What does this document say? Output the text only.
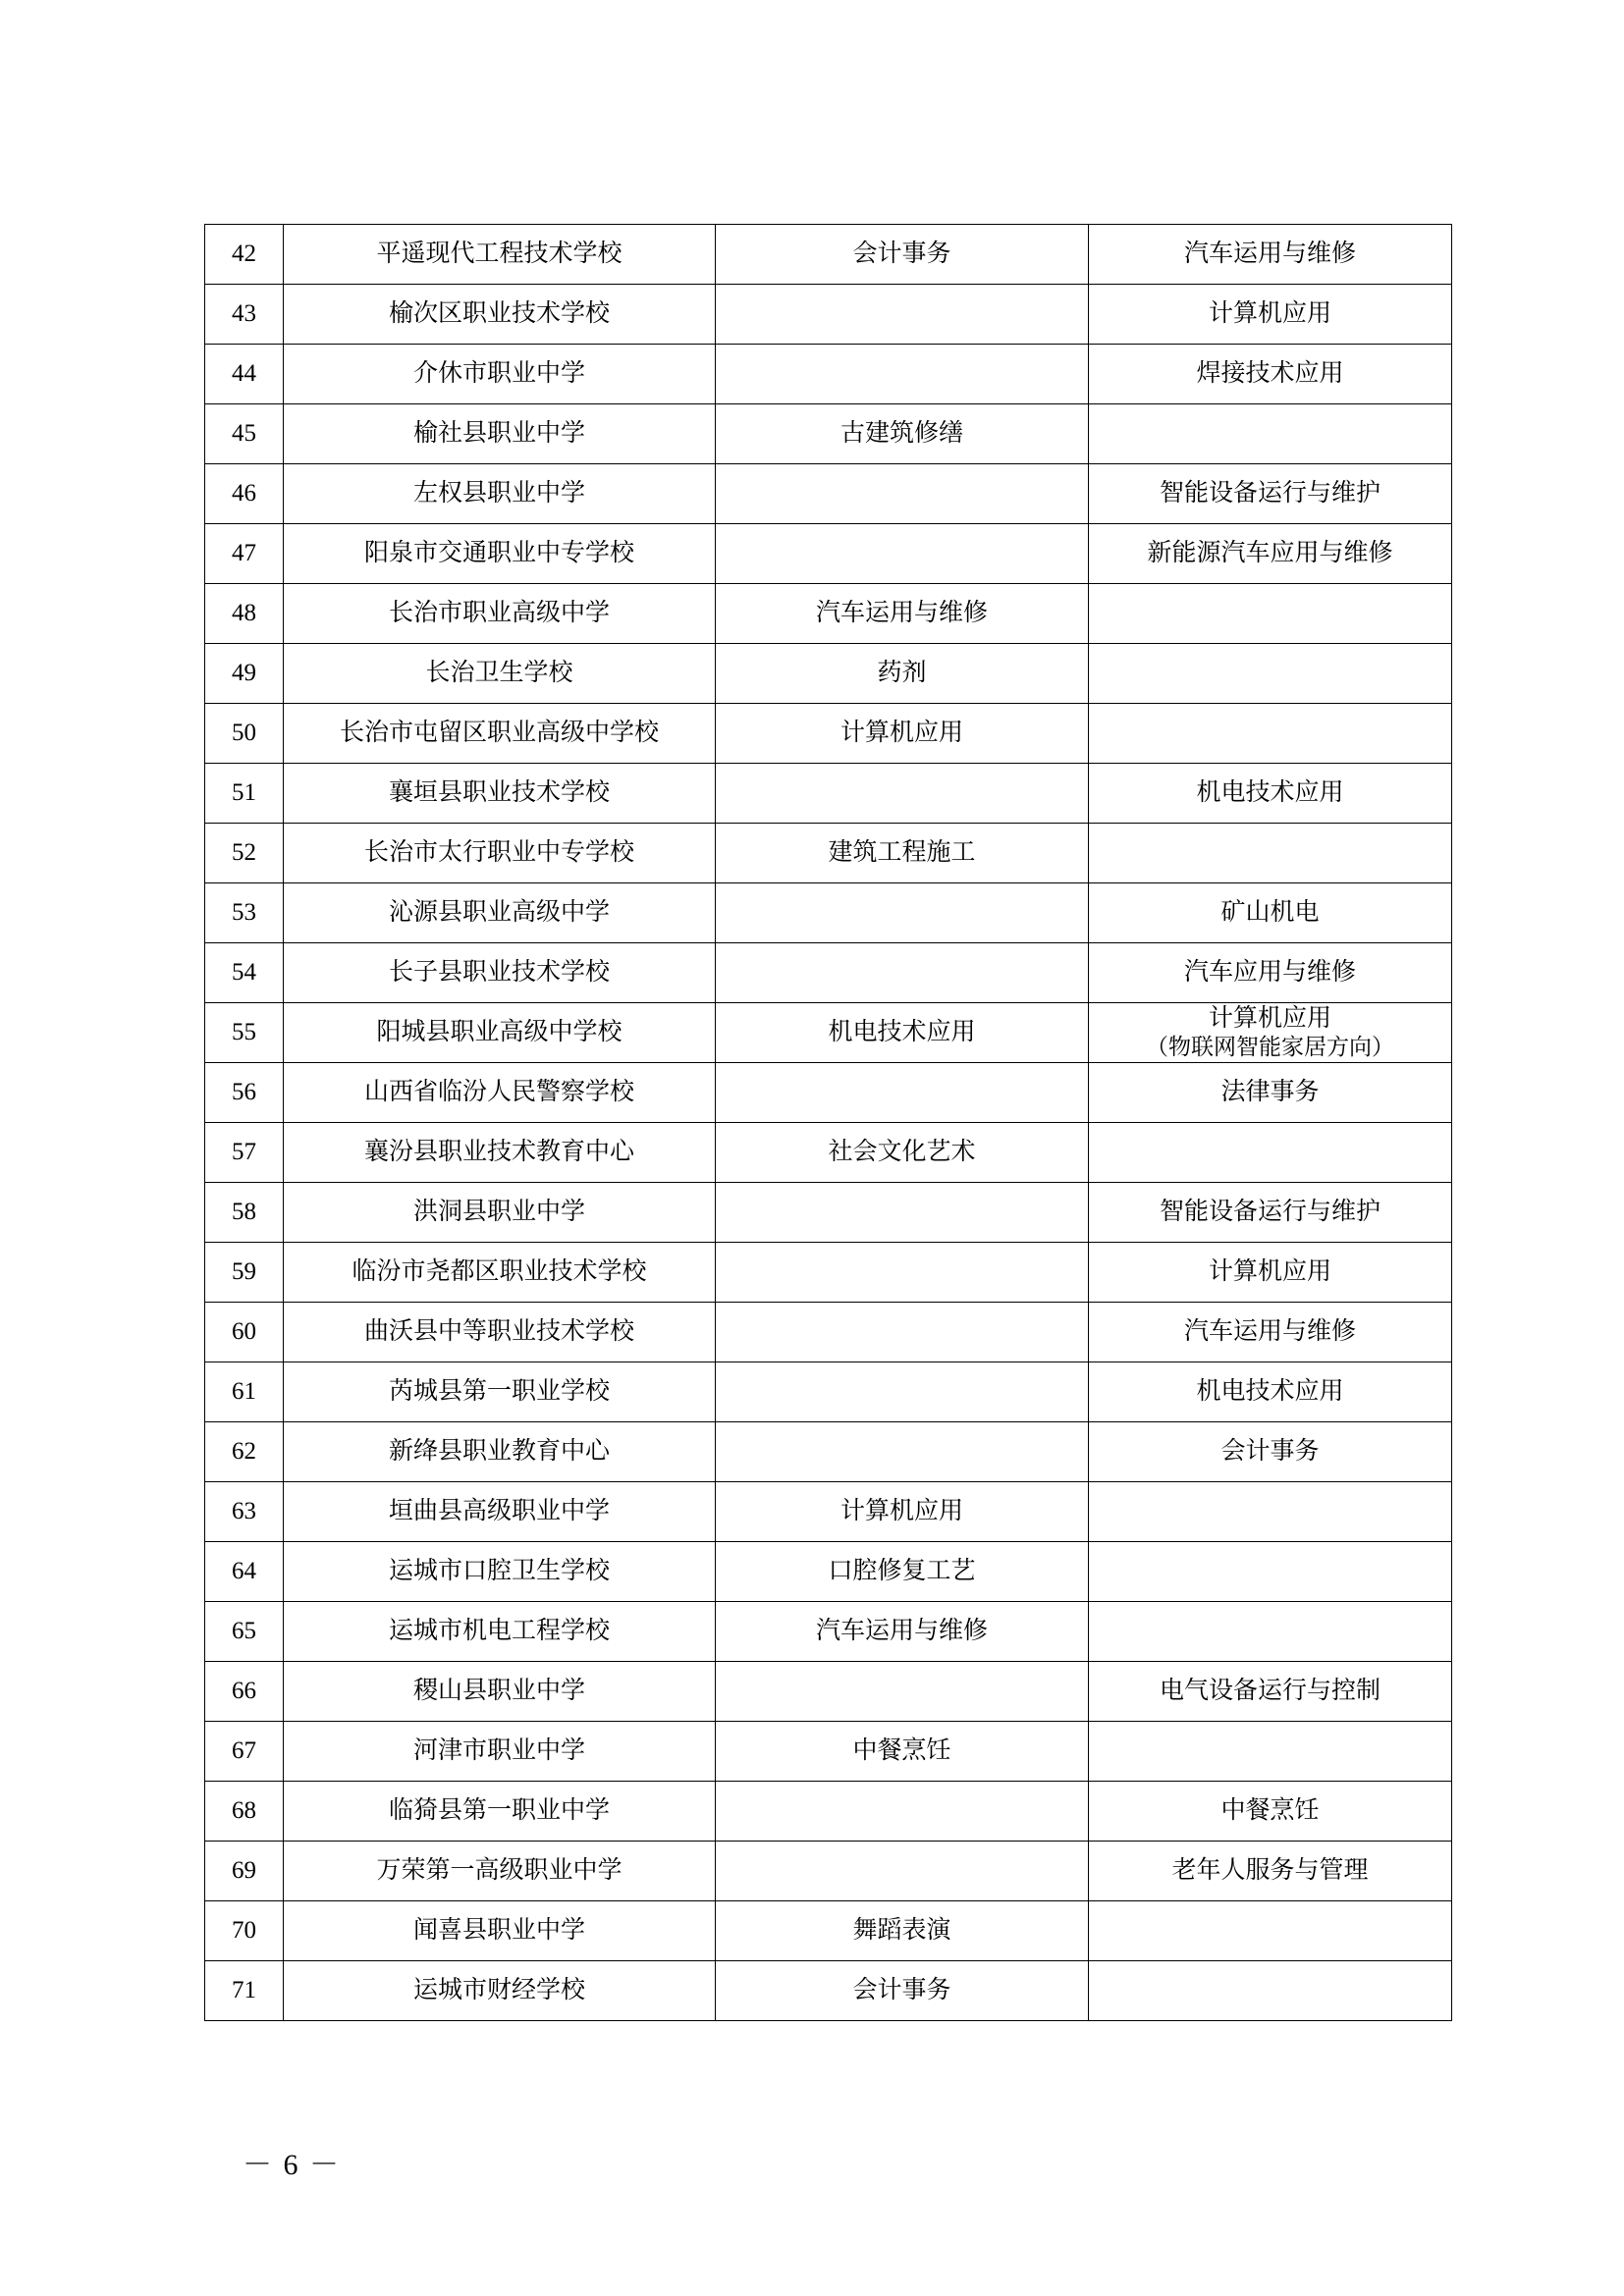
42	平遥现代工程技术学校	会计事务	汽车运用与维修
43	榆次区职业技术学校		计算机应用
44	介休市职业中学		焊接技术应用
45	榆社县职业中学	古建筑修缮	
46	左权县职业中学		智能设备运行与维护
47	阳泉市交通职业中专学校		新能源汽车应用与维修
48	长治市职业高级中学	汽车运用与维修	
49	长治卫生学校	药剂	
50	长治市屯留区职业高级中学校	计算机应用	
51	襄垣县职业技术学校		机电技术应用
52	长治市太行职业中专学校	建筑工程施工	
53	沁源县职业高级中学		矿山机电
54	长子县职业技术学校		汽车应用与维修
55	阳城县职业高级中学校	机电技术应用	计算机应用
（物联网智能家居方向）

56	山西省临汾人民警察学校		法律事务
57	襄汾县职业技术教育中心	社会文化艺术	
58	洪洞县职业中学		智能设备运行与维护
59	临汾市尧都区职业技术学校		计算机应用
60	曲沃县中等职业技术学校		汽车运用与维修
61	芮城县第一职业学校		机电技术应用
62	新绛县职业教育中心		会计事务
63	垣曲县高级职业中学	计算机应用	
64	运城市口腔卫生学校	口腔修复工艺	
65	运城市机电工程学校	汽车运用与维修	
66	稷山县职业中学		电气设备运行与控制
67	河津市职业中学	中餐烹饪	
68	临猗县第一职业中学		中餐烹饪
69	万荣第一高级职业中学		老年人服务与管理
70	闻喜县职业中学	舞蹈表演	
71	运城市财经学校	会计事务	
－ 6 －
